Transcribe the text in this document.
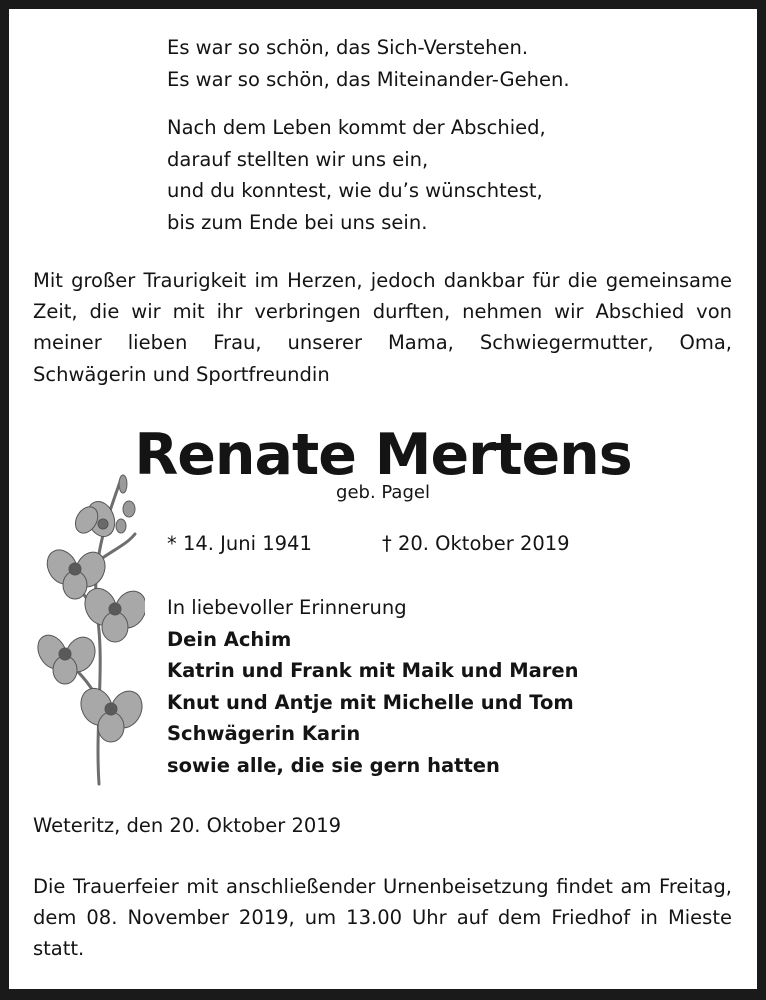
Es war so schön, das Sich-Verstehen.
Es war so schön, das Miteinander-Gehen.
Nach dem Leben kommt der Abschied,
darauf stellten wir uns ein,
und du konntest, wie du’s wünschtest,
bis zum Ende bei uns sein.
Mit großer Traurigkeit im Herzen, jedoch dankbar für die gemeinsame Zeit, die wir mit ihr verbringen durften, nehmen wir Abschied von meiner lieben Frau, unserer Mama, Schwiegermutter, Oma, Schwägerin und Sportfreundin
Renate Mertens
geb. Pagel
* 14. Juni 1941	† 20. Oktober 2019
In liebevoller Erinnerung
Dein Achim
Katrin und Frank mit Maik und Maren
Knut und Antje mit Michelle und Tom
Schwägerin Karin
sowie alle, die sie gern hatten
Weteritz, den 20. Oktober 2019
Die Trauerfeier mit anschließender Urnenbeisetzung findet am Freitag, dem 08. November 2019, um 13.00 Uhr auf dem Friedhof in Mieste statt.
